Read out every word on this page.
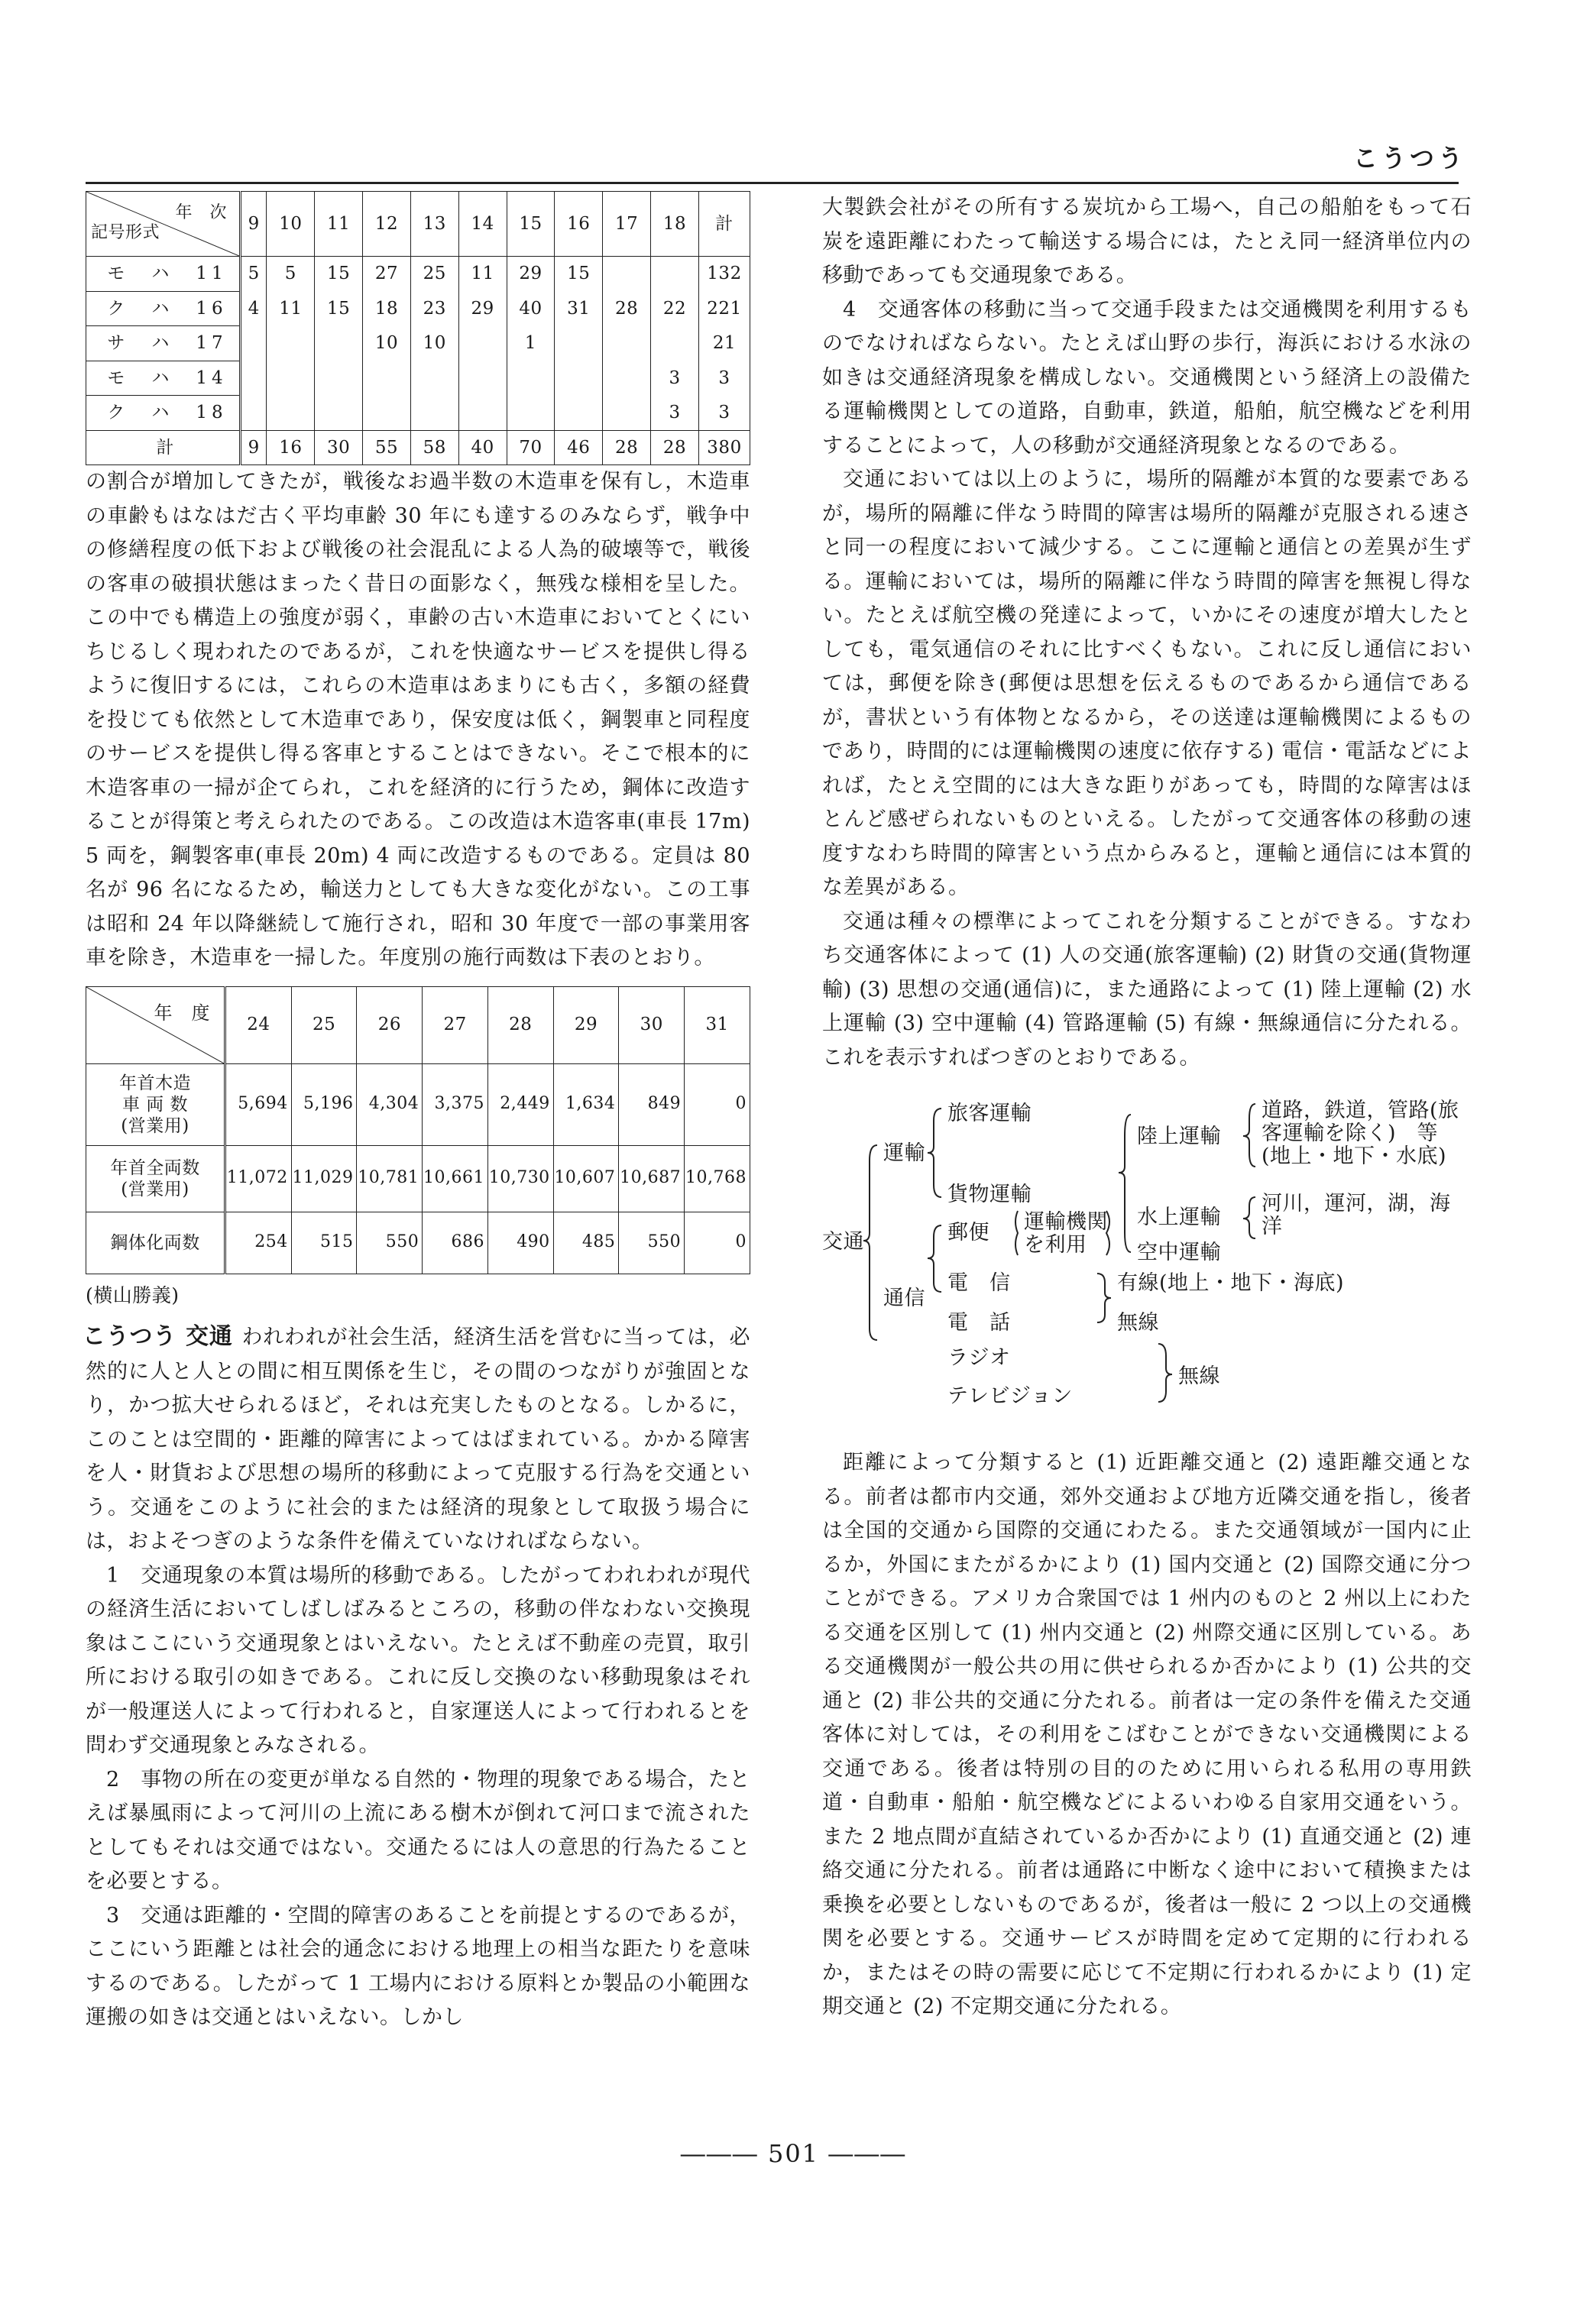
こうつう
年　次
記号形式	9	10	11	12	13	14	15	16	17	18	計
モ　ハ　11	5	5	15	27	25	11	29	15			132
ク　ハ　16	4	11	15	18	23	29	40	31	28	22	221
サ　ハ　17				10	10		1				21
モ　ハ　14										3	3
ク　ハ　18										3	3
計	9	16	30	55	58	40	70	46	28	28	380

の割合が増加してきたが，戦後なお過半数の木造車を保有し，木造車の車齢もはなはだ古く平均車齢 30 年にも達するのみならず，戦争中の修繕程度の低下および戦後の社会混乱による人為的破壊等で，戦後の客車の破損状態はまったく昔日の面影なく，無残な様相を呈した。この中でも構造上の強度が弱く，車齢の古い木造車においてとくにいちじるしく現われたのであるが，これを快適なサービスを提供し得るように復旧するには，これらの木造車はあまりにも古く，多額の経費を投じても依然として木造車であり，保安度は低く，鋼製車と同程度のサービスを提供し得る客車とすることはできない。そこで根本的に木造客車の一掃が企てられ，これを経済的に行うため，鋼体に改造することが得策と考えられたのである。この改造は木造客車(車長 17m) 5 両を，鋼製客車(車長 20m) 4 両に改造するものである。定員は 80 名が 96 名になるため，輸送力としても大きな変化がない。この工事は昭和 24 年以降継続して施行され，昭和 30 年度で一部の事業用客車を除き，木造車を一掃した。年度別の施行両数は下表のとおり。

年　度	24	25	26	27	28	29	30	31

年首木造
車 両 数
(営業用)	5,694	5,196	4,304	3,375	2,449	1,634	849	0

年首全両数
(営業用)	11,072	11,029	10,781	10,661	10,730	10,607	10,687	10,768

鋼体化両数	254	515	550	686	490	485	550	0
(横山勝義)

こうつう 交通 われわれが社会生活，経済生活を営むに当っては，必然的に人と人との間に相互関係を生じ，その間のつながりが強固となり，かつ拡大せられるほど，それは充実したものとなる。しかるに，このことは空間的・距離的障害によってはばまれている。かかる障害を人・財貨および思想の場所的移動によって克服する行為を交通という。交通をこのように社会的または経済的現象として取扱う場合には，およそつぎのような条件を備えていなければならない。

1　交通現象の本質は場所的移動である。したがってわれわれが現代の経済生活においてしばしばみるところの，移動の伴なわない交換現象はここにいう交通現象とはいえない。たとえば不動産の売買，取引所における取引の如きである。これに反し交換のない移動現象はそれが一般運送人によって行われると，自家運送人によって行われるとを問わず交通現象とみなされる。

2　事物の所在の変更が単なる自然的・物理的現象である場合，たとえば暴風雨によって河川の上流にある樹木が倒れて河口まで流されたとしてもそれは交通ではない。交通たるには人の意思的行為たることを必要とする。

3　交通は距離的・空間的障害のあることを前提とするのであるが，ここにいう距離とは社会的通念における地理上の相当な距たりを意味するのである。したがって 1 工場内における原料とか製品の小範囲な運搬の如きは交通とはいえない。しかし

大製鉄会社がその所有する炭坑から工場へ，自己の船舶をもって石炭を遠距離にわたって輸送する場合には，たとえ同一経済単位内の移動であっても交通現象である。

4　交通客体の移動に当って交通手段または交通機関を利用するものでなければならない。たとえば山野の歩行，海浜における水泳の如きは交通経済現象を構成しない。交通機関という経済上の設備たる運輸機関としての道路，自動車，鉄道，船舶，航空機などを利用することによって，人の移動が交通経済現象となるのである。

交通においては以上のように，場所的隔離が本質的な要素であるが，場所的隔離に伴なう時間的障害は場所的隔離が克服される速さと同一の程度において減少する。ここに運輸と通信との差異が生ずる。運輸においては，場所的隔離に伴なう時間的障害を無視し得ない。たとえば航空機の発達によって，いかにその速度が増大したとしても，電気通信のそれに比すべくもない。これに反し通信においては，郵便を除き(郵便は思想を伝えるものであるから通信であるが，書状という有体物となるから，その送達は運輸機関によるものであり，時間的には運輸機関の速度に依存する) 電信・電話などによれば，たとえ空間的には大きな距りがあっても，時間的な障害はほとんど感ぜられないものといえる。したがって交通客体の移動の速度すなわち時間的障害という点からみると，運輸と通信には本質的な差異がある。

交通は種々の標準によってこれを分類することができる。すなわち交通客体によって (1) 人の交通(旅客運輸) (2) 財貨の交通(貨物運輸) (3) 思想の交通(通信)に，また通路によって (1) 陸上運輸 (2) 水上運輸 (3) 空中運輸 (4) 管路運輸 (5) 有線・無線通信に分たれる。これを表示すればつぎのとおりである。

交通
運輸
通信
旅客運輸
貨物運輸
郵便 運輸機関
を利用
電　信
電　話
有線(地上・地下・海底)
無線
ラジオ
テレビジョン
無線
陸上運輸
道路，鉄道，管路(旅
客運輸を除く)　等
(地上・地下・水底)
水上運輸
河川，運河，湖，海
洋
空中運輸

距離によって分類すると (1) 近距離交通と (2) 遠距離交通となる。前者は都市内交通，郊外交通および地方近隣交通を指し，後者は全国的交通から国際的交通にわたる。また交通領域が一国内に止るか，外国にまたがるかにより (1) 国内交通と (2) 国際交通に分つことができる。アメリカ合衆国では 1 州内のものと 2 州以上にわたる交通を区別して (1) 州内交通と (2) 州際交通に区別している。ある交通機関が一般公共の用に供せられるか否かにより (1) 公共的交通と (2) 非公共的交通に分たれる。前者は一定の条件を備えた交通客体に対しては，その利用をこばむことができない交通機関による交通である。後者は特別の目的のために用いられる私用の専用鉄道・自動車・船舶・航空機などによるいわゆる自家用交通をいう。また 2 地点間が直結されているか否かにより (1) 直通交通と (2) 連絡交通に分たれる。前者は通路に中断なく途中において積換または乗換を必要としないものであるが，後者は一般に 2 つ以上の交通機関を必要とする。交通サービスが時間を定めて定期的に行われるか，またはその時の需要に応じて不定期に行われるかにより (1) 定期交通と (2) 不定期交通に分たれる。

――― 501 ―――
